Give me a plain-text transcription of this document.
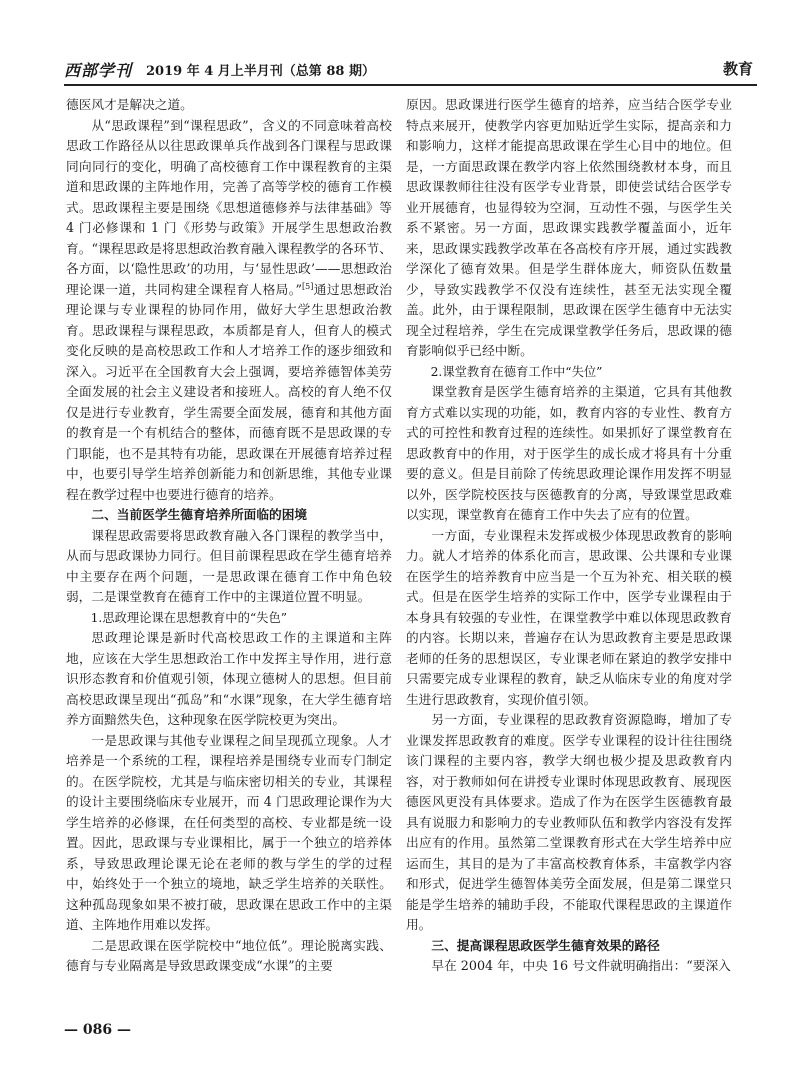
西部学刊 2019 年 4 月上半月刊（总第 88 期）	教育

德医风才是解决之道。

从“思政课程”到“课程思政”，含义的不同意味着高校思政工作路径从以往思政课单兵作战到各门课程与思政课同向同行的变化，明确了高校德育工作中课程教育的主渠道和思政课的主阵地作用，完善了高等学校的德育工作模式。思政课程主要是围绕《思想道德修养与法律基础》等 4 门必修课和 1 门《形势与政策》开展学生思想政治教育。“课程思政是将思想政治教育融入课程教学的各环节、各方面，以‘隐性思政’的功用，与‘显性思政’——思想政治理论课一道，共同构建全课程育人格局。”[5]通过思想政治理论课与专业课程的协同作用，做好大学生思想政治教育。思政课程与课程思政，本质都是育人，但育人的模式变化反映的是高校思政工作和人才培养工作的逐步细致和深入。习近平在全国教育大会上强调，要培养德智体美劳全面发展的社会主义建设者和接班人。高校的育人绝不仅仅是进行专业教育，学生需要全面发展，德育和其他方面的教育是一个有机结合的整体，而德育既不是思政课的专门职能，也不是其特有功能，思政课在开展德育培养过程中，也要引导学生培养创新能力和创新思维，其他专业课程在教学过程中也要进行德育的培养。

二、当前医学生德育培养所面临的困境

课程思政需要将思政教育融入各门课程的教学当中，从而与思政课协力同行。但目前课程思政在学生德育培养中主要存在两个问题，一是思政课在德育工作中角色较弱，二是课堂教育在德育工作中的主课道位置不明显。

1.思政理论课在思想教育中的“失色”

思政理论课是新时代高校思政工作的主课道和主阵地，应该在大学生思想政治工作中发挥主导作用，进行意识形态教育和价值观引领，体现立德树人的思想。但目前高校思政课呈现出“孤岛”和“水课”现象，在大学生德育培养方面黯然失色，这种现象在医学院校更为突出。

一是思政课与其他专业课程之间呈现孤立现象。人才培养是一个系统的工程，课程培养是围绕专业而专门制定的。在医学院校，尤其是与临床密切相关的专业，其课程的设计主要围绕临床专业展开，而 4 门思政理论课作为大学生培养的必修课，在任何类型的高校、专业都是统一设置。因此，思政课与专业课相比，属于一个独立的培养体系，导致思政理论课无论在老师的教与学生的学的过程中，始终处于一个独立的境地，缺乏学生培养的关联性。这种孤岛现象如果不被打破，思政课在思政工作中的主渠道、主阵地作用难以发挥。

二是思政课在医学院校中“地位低”。理论脱离实践、德育与专业隔离是导致思政课变成“水课”的主要

原因。思政课进行医学生德育的培养，应当结合医学专业特点来展开，使教学内容更加贴近学生实际，提高亲和力和影响力，这样才能提高思政课在学生心目中的地位。但是，一方面思政课在教学内容上依然围绕教材本身，而且思政课教师往往没有医学专业背景，即使尝试结合医学专业开展德育，也显得较为空洞，互动性不强，与医学生关系不紧密。另一方面，思政课实践教学覆盖面小，近年来，思政课实践教学改革在各高校有序开展，通过实践教学深化了德育效果。但是学生群体庞大，师资队伍数量少，导致实践教学不仅没有连续性，甚至无法实现全覆盖。此外，由于课程限制，思政课在医学生德育中无法实现全过程培养，学生在完成课堂教学任务后，思政课的德育影响似乎已经中断。

2.课堂教育在德育工作中“失位”

课堂教育是医学生德育培养的主渠道，它具有其他教育方式难以实现的功能，如，教育内容的专业性、教育方式的可控性和教育过程的连续性。如果抓好了课堂教育在思政教育中的作用，对于医学生的成长成才将具有十分重要的意义。但是目前除了传统思政理论课作用发挥不明显以外，医学院校医技与医德教育的分离，导致课堂思政难以实现，课堂教育在德育工作中失去了应有的位置。

一方面，专业课程未发挥或极少体现思政教育的影响力。就人才培养的体系化而言，思政课、公共课和专业课在医学生的培养教育中应当是一个互为补充、相关联的模式。但是在医学生培养的实际工作中，医学专业课程由于本身具有较强的专业性，在课堂教学中难以体现思政教育的内容。长期以来，普遍存在认为思政教育主要是思政课老师的任务的思想误区，专业课老师在紧迫的教学安排中只需要完成专业课程的教育，缺乏从临床专业的角度对学生进行思政教育，实现价值引领。

另一方面，专业课程的思政教育资源隐晦，增加了专业课发挥思政教育的难度。医学专业课程的设计往往围绕该门课程的主要内容，教学大纲也极少提及思政教育内容，对于教师如何在讲授专业课时体现思政教育、展现医德医风更没有具体要求。造成了作为在医学生医德教育最具有说服力和影响力的专业教师队伍和教学内容没有发挥出应有的作用。虽然第二堂课教育形式在大学生培养中应运而生，其目的是为了丰富高校教育体系，丰富教学内容和形式，促进学生德智体美劳全面发展，但是第二课堂只能是学生培养的辅助手段，不能取代课程思政的主课道作用。

三、提高课程思政医学生德育效果的路径

早在 2004 年，中央 16 号文件就明确指出：“要深入

— 086 —
